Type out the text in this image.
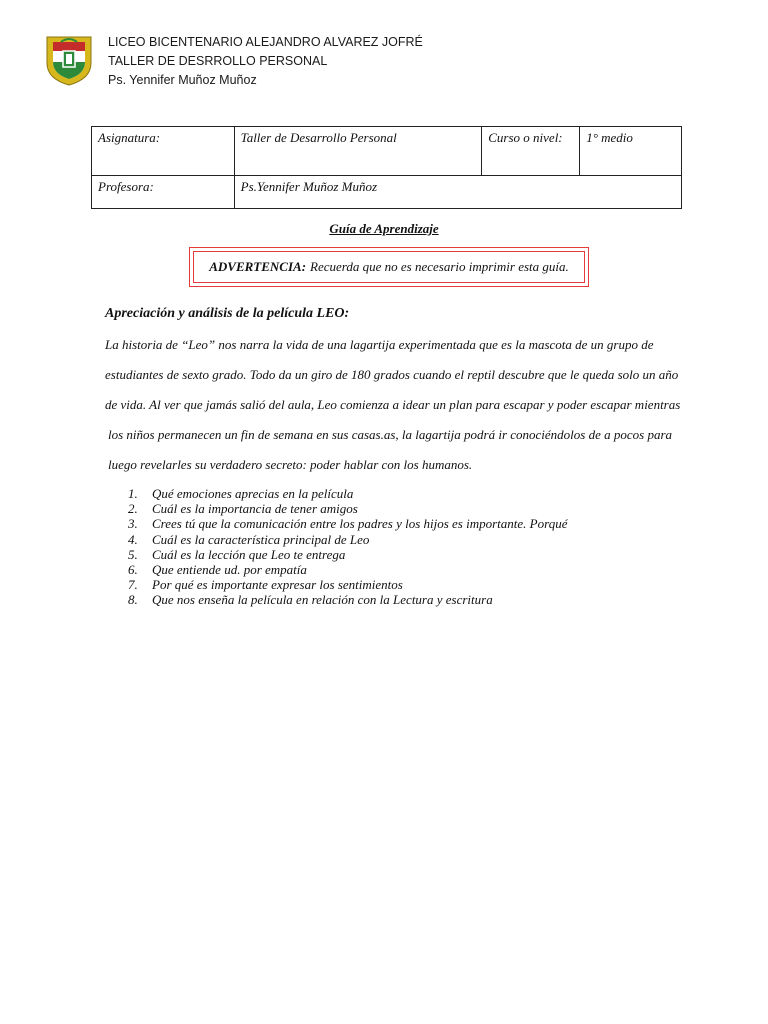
LICEO BICENTENARIO ALEJANDRO ALVAREZ JOFRÉ
TALLER DE DESRROLLO PERSONAL
Ps. Yennifer Muñoz Muñoz
Asignatura:	Taller de Desarrollo Personal	Curso o nivel:	1° medio
Profesora:	Ps.Yennifer Muñoz Muñoz		
Guía de Aprendizaje
ADVERTENCIA: Recuerda que no es necesario imprimir esta guía.
Apreciación y análisis de la película LEO:
La historia de “Leo” nos narra la vida de una lagartija experimentada que es la mascota de un grupo de
estudiantes de sexto grado. Todo da un giro de 180 grados cuando el reptil descubre que le queda solo un año
de vida. Al ver que jamás salió del aula, Leo comienza a idear un plan para escapar y poder escapar mientras
los niños permanecen un fin de semana en sus casas.as, la lagartija podrá ir conociéndolos de a pocos para
luego revelarles su verdadero secreto: poder hablar con los humanos.
1.	Qué emociones aprecias en la película
2.	Cuál es la importancia de tener amigos
3.	Crees tú que la comunicación entre los padres y los hijos es importante. Porqué
4.	Cuál es la característica principal de Leo
5.	Cuál es la lección que Leo te entrega
6.	Que entiende ud. por empatía
7.	Por qué es importante expresar los sentimientos
8.	Que nos enseña la película en relación con la Lectura y escritura
